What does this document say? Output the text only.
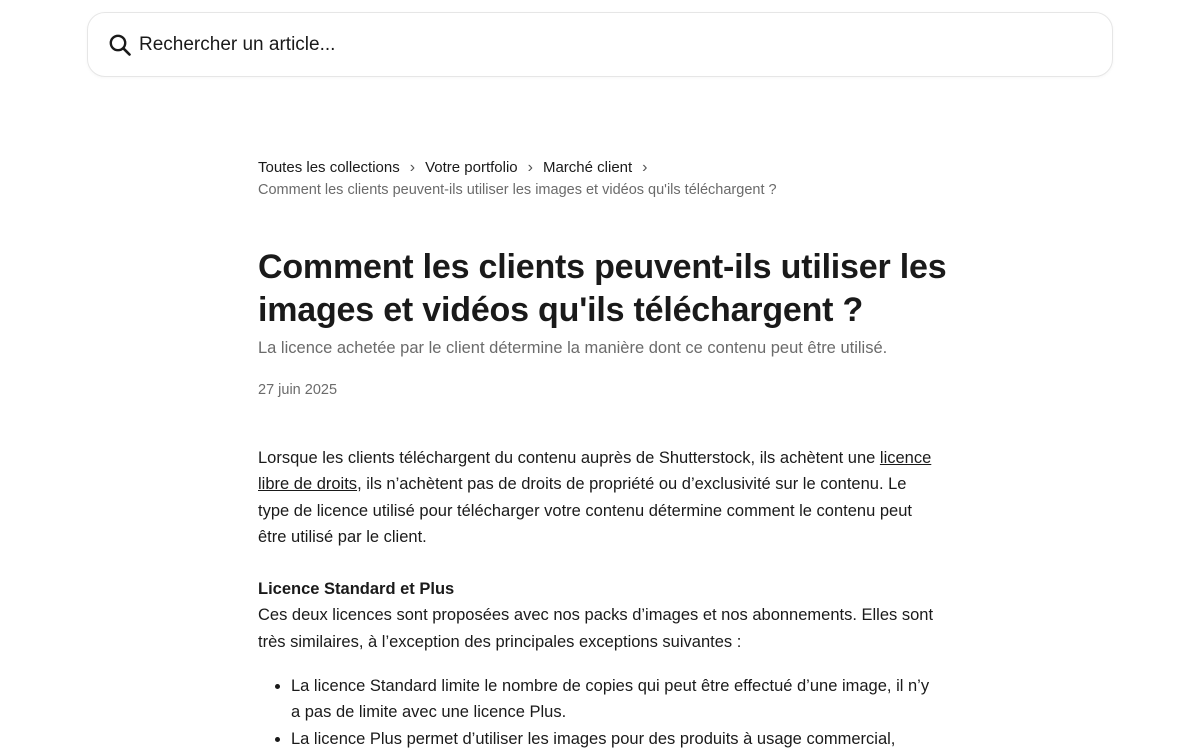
Rechercher un article...
Toutes les collections › Votre portfolio › Marché client ›
Comment les clients peuvent-ils utiliser les images et vidéos qu'ils téléchargent ?
Comment les clients peuvent-ils utiliser les images et vidéos qu'ils téléchargent ?
La licence achetée par le client détermine la manière dont ce contenu peut être utilisé.
27 juin 2025

Lorsque les clients téléchargent du contenu auprès de Shutterstock, ils achètent une licence libre de droits, ils n’achètent pas de droits de propriété ou d’exclusivité sur le contenu. Le type de licence utilisé pour télécharger votre contenu détermine comment le contenu peut être utilisé par le client.

Licence Standard et Plus

Ces deux licences sont proposées avec nos packs d’images et nos abonnements. Elles sont très similaires, à l’exception des principales exceptions suivantes :

• La licence Standard limite le nombre de copies qui peut être effectué d’une image, il n’y a pas de limite avec une licence Plus.
• La licence Plus permet d’utiliser les images pour des produits à usage commercial,
